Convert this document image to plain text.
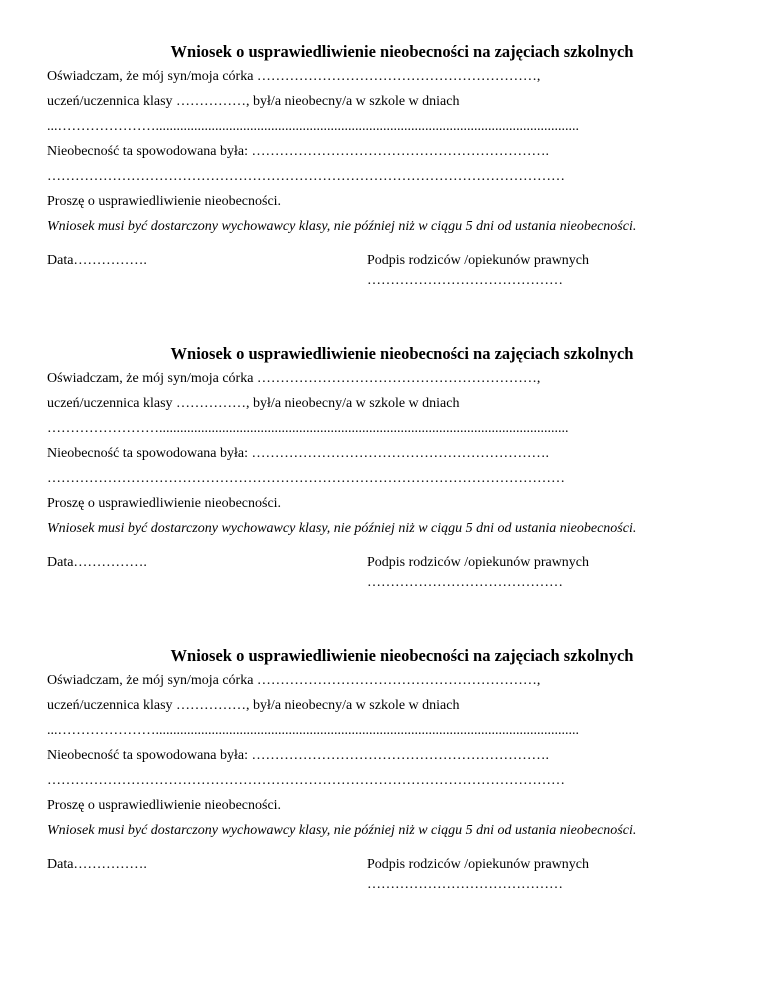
Wniosek o usprawiedliwienie nieobecności na zajęciach szkolnych
Oświadczam, że mój syn/moja córka ……………………………………………………,
uczeń/uczennica klasy ……………, był/a nieobecny/a w szkole w dniach
...………………….........................................................................................................................
Nieobecność ta spowodowana była: ……………………………………………………….
…………………………………………………………………………………………………
Proszę o usprawiedliwienie nieobecności.
Wniosek musi być dostarczony wychowawcy klasy, nie później niż w ciągu 5 dni od ustania nieobecności.
Data…………….	Podpis rodziców /opiekunów prawnych
……………………………………
Wniosek o usprawiedliwienie nieobecności na zajęciach szkolnych
Oświadczam, że mój syn/moja córka ……………………………………………………,
uczeń/uczennica klasy ……………, był/a nieobecny/a w szkole w dniach
…………………….....................................................................................................................
Nieobecność ta spowodowana była: ……………………………………………………….
…………………………………………………………………………………………………
Proszę o usprawiedliwienie nieobecności.
Wniosek musi być dostarczony wychowawcy klasy, nie później niż w ciągu 5 dni od ustania nieobecności.
Data…………….	Podpis rodziców /opiekunów prawnych
……………………………………
Wniosek o usprawiedliwienie nieobecności na zajęciach szkolnych
Oświadczam, że mój syn/moja córka ……………………………………………………,
uczeń/uczennica klasy ……………, był/a nieobecny/a w szkole w dniach
...………………….........................................................................................................................
Nieobecność ta spowodowana była: ……………………………………………………….
…………………………………………………………………………………………………
Proszę o usprawiedliwienie nieobecności.
Wniosek musi być dostarczony wychowawcy klasy, nie później niż w ciągu 5 dni od ustania nieobecności.
Data…………….	Podpis rodziców /opiekunów prawnych
……………………………………
